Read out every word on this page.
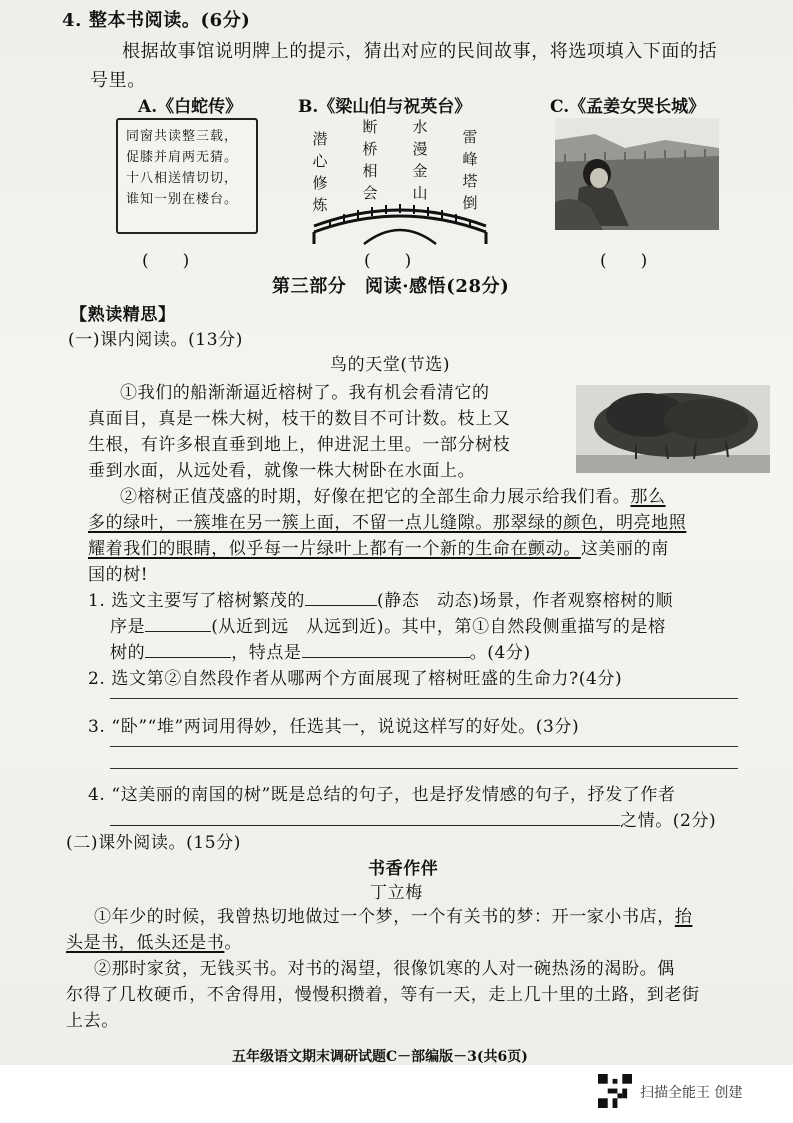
4. 整本书阅读。(6分)
根据故事馆说明牌上的提示，猜出对应的民间故事，将选项填入下面的括
号里。
A.《白蛇传》	B.《梁山伯与祝英台》	C.《孟姜女哭长城》
同窗共读整三载，
促膝并肩两无猜。
十八相送情切切，
谁知一别在楼台。
潜心修炼
断桥相会
水漫金山
雷峰塔倒
(　　)	(　　)	(　　)
第三部分　阅读·感悟(28分)
【熟读精思】
(一)课内阅读。(13分)
鸟的天堂(节选)
①我们的船渐渐逼近榕树了。我有机会看清它的
真面目，真是一株大树，枝干的数目不可计数。枝上又
生根，有许多根直垂到地上，伸进泥土里。一部分树枝
垂到水面，从远处看，就像一株大树卧在水面上。
②榕树正值茂盛的时期，好像在把它的全部生命力展示给我们看。那么
多的绿叶，一簇堆在另一簇上面，不留一点儿缝隙。那翠绿的颜色，明亮地照
耀着我们的眼睛，似乎每一片绿叶上都有一个新的生命在颤动。这美丽的南
国的树!
1. 选文主要写了榕树繁茂的	(静态　动态)场景，作者观察榕树的顺
序是	(从近到远　从远到近)。其中，第①自然段侧重描写的是榕
树的	，特点是	。(4分)
2. 选文第②自然段作者从哪两个方面展现了榕树旺盛的生命力?(4分)
3. “卧”“堆”两词用得妙，任选其一，说说这样写的好处。(3分)
4. “这美丽的南国的树”既是总结的句子，也是抒发情感的句子，抒发了作者
之情。(2分)
(二)课外阅读。(15分)
书香作伴
丁立梅
①年少的时候，我曾热切地做过一个梦，一个有关书的梦：开一家小书店，抬
头是书，低头还是书。
②那时家贫，无钱买书。对书的渴望，很像饥寒的人对一碗热汤的渴盼。偶
尔得了几枚硬币，不舍得用，慢慢积攒着，等有一天，走上几十里的土路，到老街
上去。
五年级语文期末调研试题C－部编版－3(共6页)
扫描全能王 创建
